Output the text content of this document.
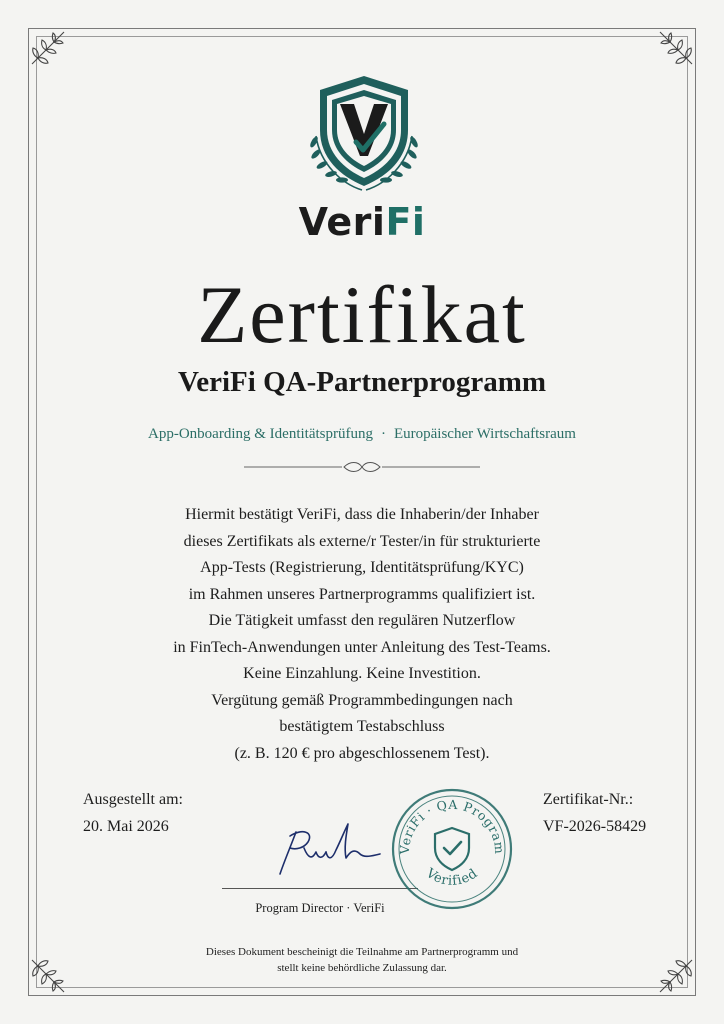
VeriFi
Zertifikat
VeriFi QA-Partnerprogramm
App-Onboarding & Identitätsprüfung · Europäischer Wirtschaftsraum
Hiermit bestätigt VeriFi, dass die Inhaberin/der Inhaber
dieses Zertifikats als externe/r Tester/in für strukturierte
App-Tests (Registrierung, Identitätsprüfung/KYC)
im Rahmen unseres Partnerprogramms qualifiziert ist.
Die Tätigkeit umfasst den regulären Nutzerflow
in FinTech-Anwendungen unter Anleitung des Test-Teams.
Keine Einzahlung. Keine Investition.
Vergütung gemäß Programmbedingungen nach
bestätigtem Testabschluss
(z. B. 120 € pro abgeschlossenem Test).
Ausgestellt am:
20. Mai 2026
Zertifikat-Nr.:
VF-2026-58429
Program Director · VeriFi
VeriFi · QA Program
Verified
Dieses Dokument bescheinigt die Teilnahme am Partnerprogramm und
stellt keine behördliche Zulassung dar.
